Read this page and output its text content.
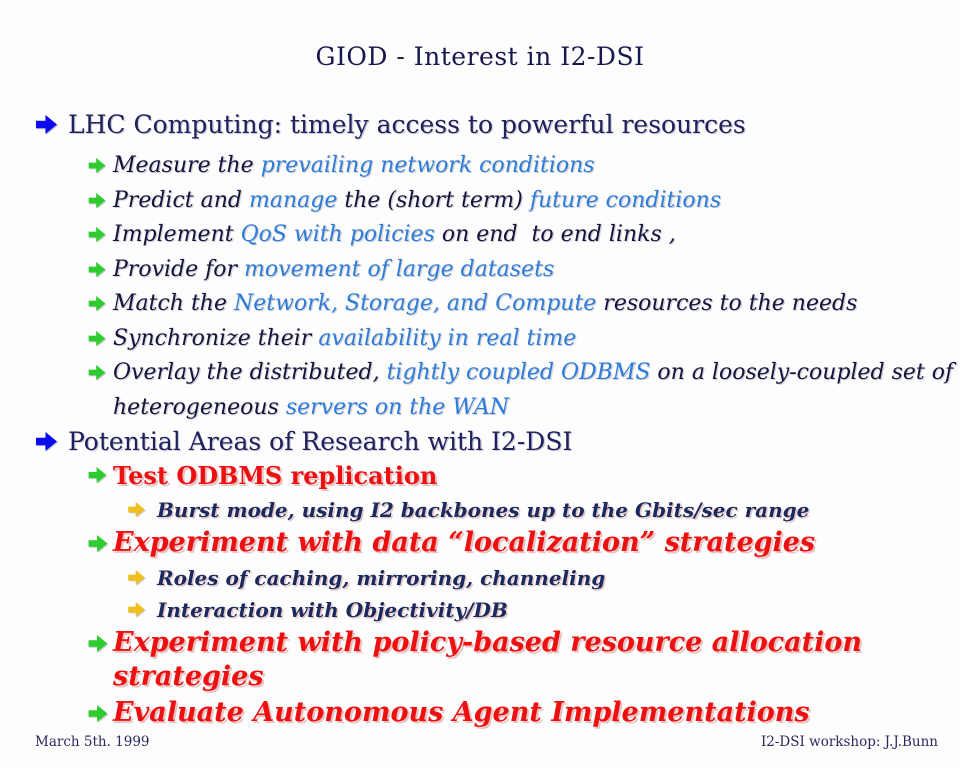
GIOD - Interest in I2-DSI
LHC Computing: timely access to powerful resources
Measure the prevailing network conditions
Predict and manage the (short term) future conditions
Implement QoS with policies on end  to end links ,
Provide for movement of large datasets
Match the Network, Storage, and Compute resources to the needs
Synchronize their availability in real time
Overlay the distributed, tightly coupled ODBMS on a loosely-coupled set of
heterogeneous servers on the WAN
Potential Areas of Research with I2-DSI
Test ODBMS replication
Burst mode, using I2 backbones up to the Gbits/sec range
Experiment with data “localization” strategies
Roles of caching, mirroring, channeling
Interaction with Objectivity/DB
Experiment with policy-based resource allocation
strategies
Evaluate Autonomous Agent Implementations
March 5th. 1999	I2-DSI workshop: J.J.Bunn
